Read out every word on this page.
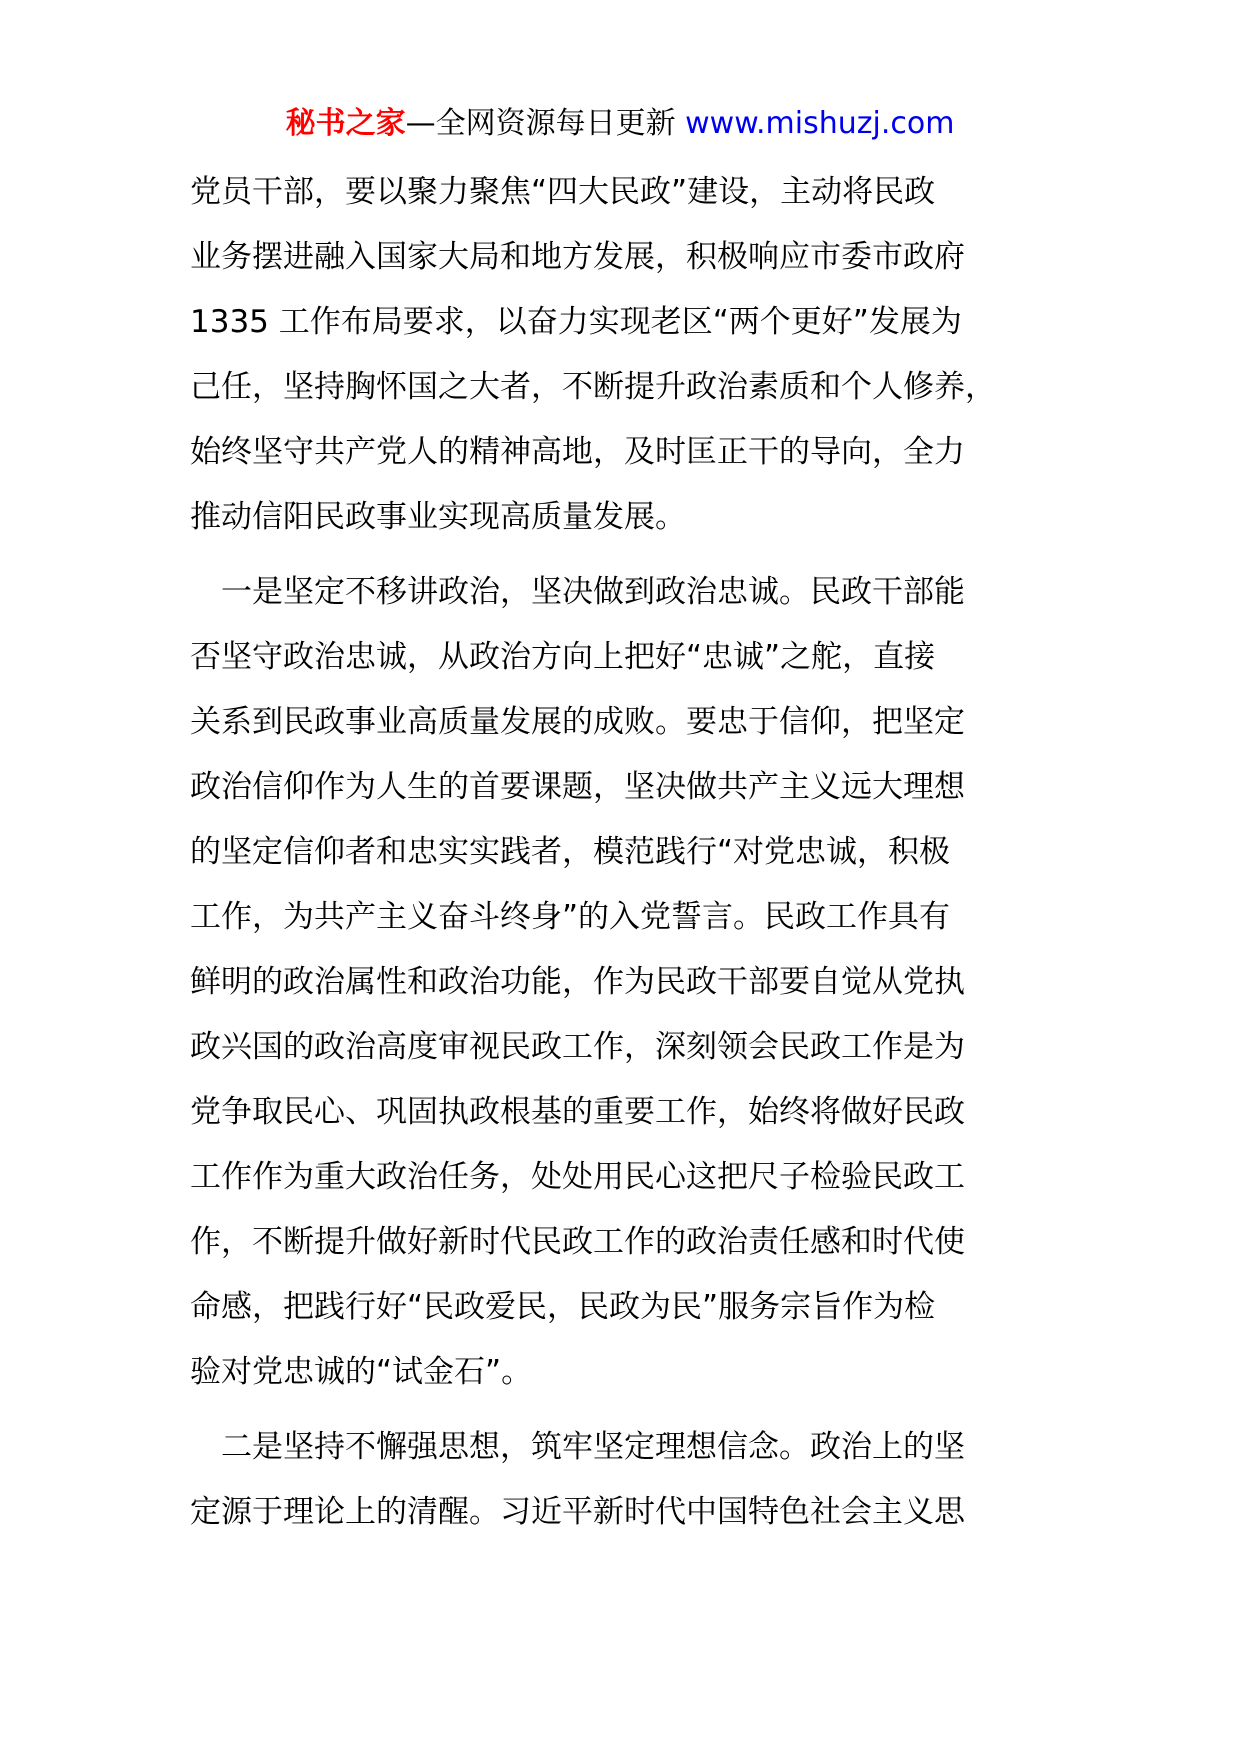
秘书之家—全网资源每日更新 www.mishuzj.com
党员干部，要以聚力聚焦“四大民政”建设，主动将民政
业务摆进融入国家大局和地方发展，积极响应市委市政府
1335 工作布局要求，以奋力实现老区“两个更好”发展为
己任，坚持胸怀国之大者，不断提升政治素质和个人修养，
始终坚守共产党人的精神高地，及时匡正干的导向，全力
推动信阳民政事业实现高质量发展。
　一是坚定不移讲政治，坚决做到政治忠诚。民政干部能
否坚守政治忠诚，从政治方向上把好“忠诚”之舵，直接
关系到民政事业高质量发展的成败。要忠于信仰，把坚定
政治信仰作为人生的首要课题，坚决做共产主义远大理想
的坚定信仰者和忠实实践者，模范践行“对党忠诚，积极
工作，为共产主义奋斗终身”的入党誓言。民政工作具有
鲜明的政治属性和政治功能，作为民政干部要自觉从党执
政兴国的政治高度审视民政工作，深刻领会民政工作是为
党争取民心、巩固执政根基的重要工作，始终将做好民政
工作作为重大政治任务，处处用民心这把尺子检验民政工
作，不断提升做好新时代民政工作的政治责任感和时代使
命感，把践行好“民政爱民，民政为民”服务宗旨作为检
验对党忠诚的“试金石”。
　二是坚持不懈强思想，筑牢坚定理想信念。政治上的坚
定源于理论上的清醒。习近平新时代中国特色社会主义思
